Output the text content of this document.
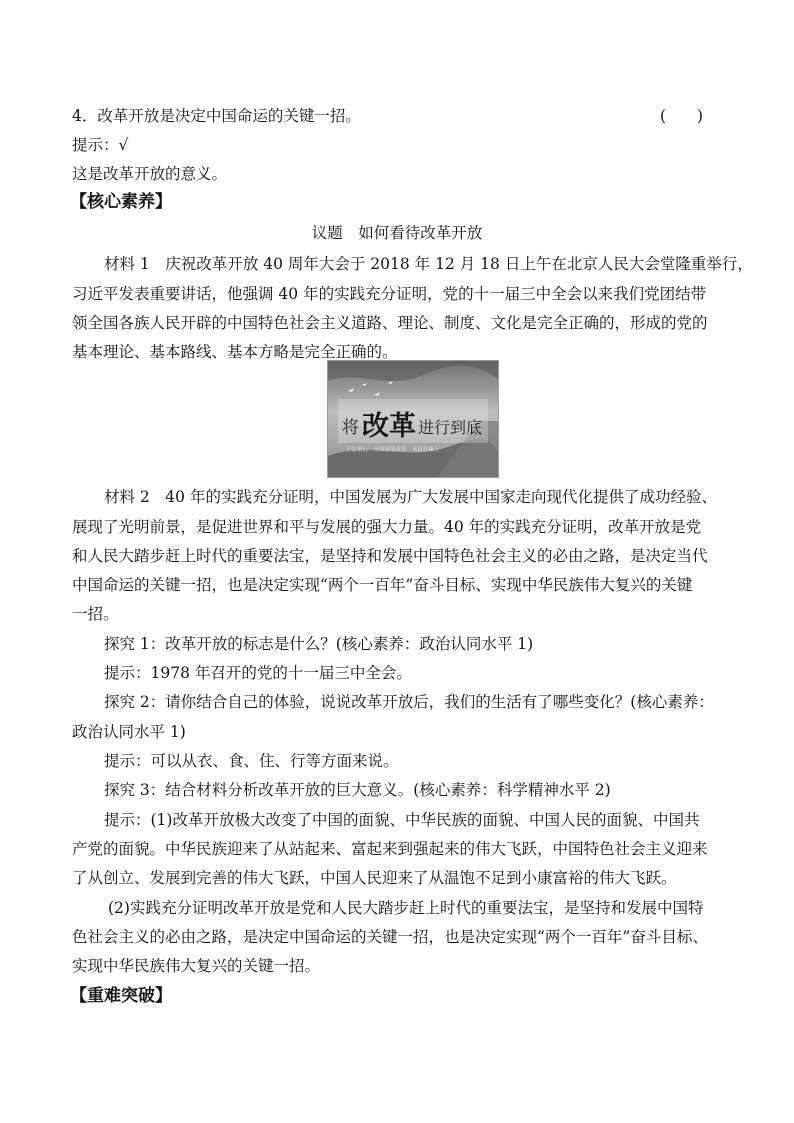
4．改革开放是决定中国命运的关键一招。	(　　)
提示：√
这是改革开放的意义。
【核心素养】
议题　如何看待改革开放
材料 1　庆祝改革开放 40 周年大会于 2018 年 12 月 18 日上午在北京人民大会堂隆重举行，
习近平发表重要讲话，他强调 40 年的实践充分证明，党的十一届三中全会以来我们党团结带
领全国各族人民开辟的中国特色社会主义道路、理论、制度、文化是完全正确的，形成的党的
基本理论、基本路线、基本方略是完全正确的。
将 改革 进行到底
不忘初心　全面深化改革　永远在路上
材料 2　40 年的实践充分证明，中国发展为广大发展中国家走向现代化提供了成功经验、
展现了光明前景，是促进世界和平与发展的强大力量。40 年的实践充分证明，改革开放是党
和人民大踏步赶上时代的重要法宝，是坚持和发展中国特色社会主义的必由之路，是决定当代
中国命运的关键一招，也是决定实现“两个一百年”奋斗目标、实现中华民族伟大复兴的关键
一招。
探究 1：改革开放的标志是什么？(核心素养：政治认同水平 1)
提示：1978 年召开的党的十一届三中全会。
探究 2：请你结合自己的体验，说说改革开放后，我们的生活有了哪些变化？(核心素养：
政治认同水平 1)
提示：可以从衣、食、住、行等方面来说。
探究 3：结合材料分析改革开放的巨大意义。(核心素养：科学精神水平 2)
提示：(1)改革开放极大改变了中国的面貌、中华民族的面貌、中国人民的面貌、中国共
产党的面貌。中华民族迎来了从站起来、富起来到强起来的伟大飞跃，中国特色社会主义迎来
了从创立、发展到完善的伟大飞跃，中国人民迎来了从温饱不足到小康富裕的伟大飞跃。
(2)实践充分证明改革开放是党和人民大踏步赶上时代的重要法宝，是坚持和发展中国特
色社会主义的必由之路，是决定中国命运的关键一招，也是决定实现“两个一百年”奋斗目标、
实现中华民族伟大复兴的关键一招。
【重难突破】
